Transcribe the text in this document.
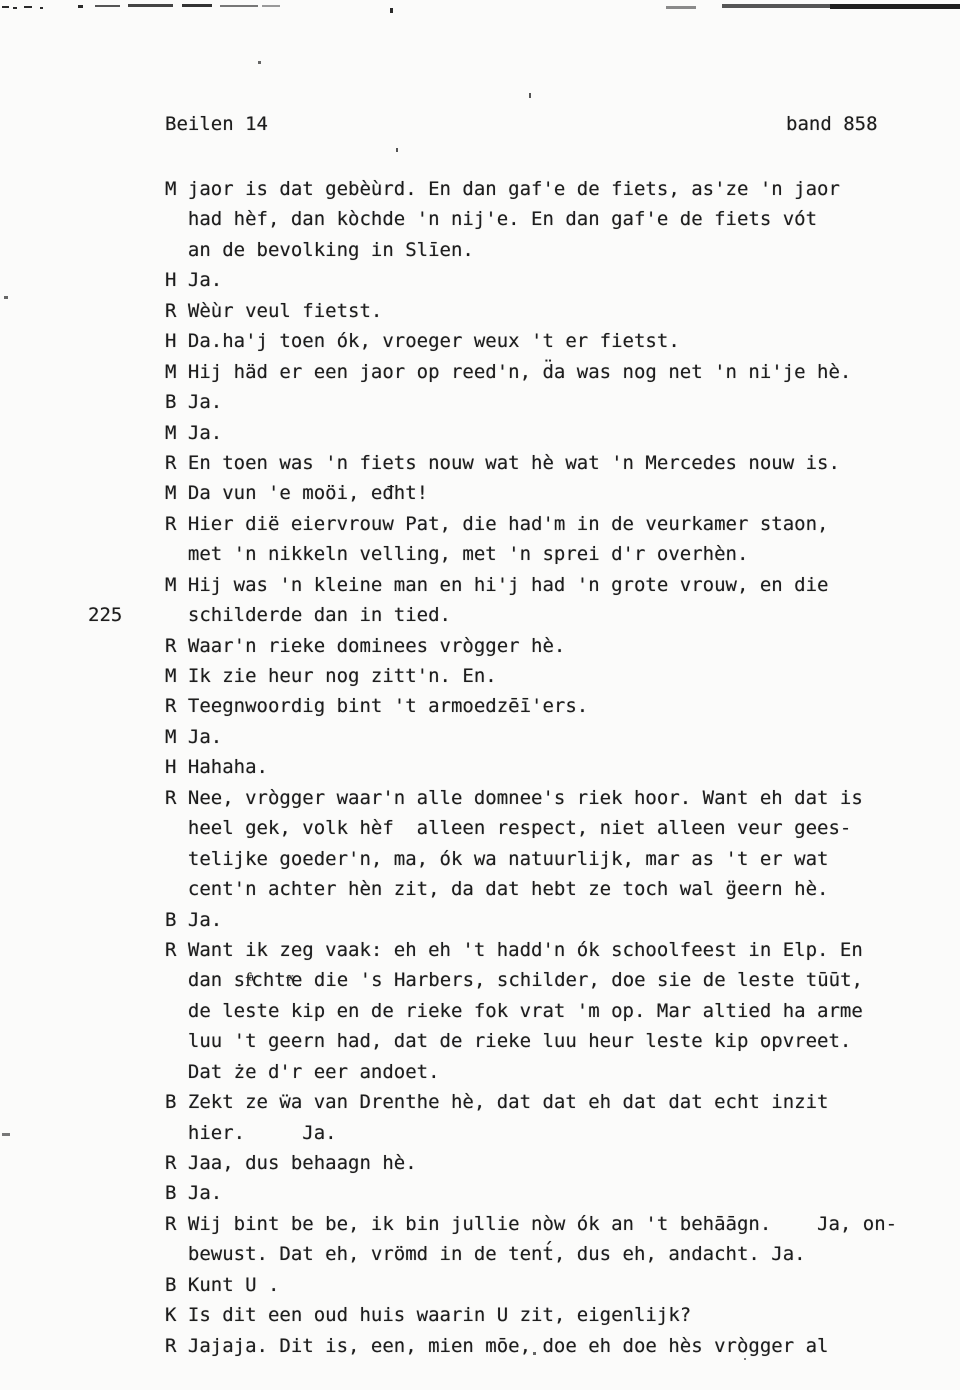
Beilen 14	band 858
225
M jaor is dat gebèùrd. En dan gaf'e de fiets, as'ze 'n jaor
had hèf, dan kòchde 'n nij'e. En dan gaf'e de fiets vót
an de bevolking in Slīen.
H Ja.
R Wèùr veul fietst.
H Da.ha'j toen ók, vroeger weux 't er fietst.
M Hij häd er een jaor op reed'n, d̈a was nog net 'n ni'je hè.
B Ja.
M Ja.
R En toen was 'n fiets nouw wat hè wat 'n Mercedes nouw is.
M Da vun 'e moöi, eđht!
R Hier dië eiervrouw Pat, die had'm in de veurkamer staon,
met 'n nikkeln velling, met 'n sprei d'r overhèn.
M Hij was 'n kleine man en hi'j had 'n grote vrouw, en die
schilderde dan in tied.
R Waar'n rieke dominees vrògger hè.
M Ik zie heur nog zitt'n. En.
R Teegnwoordig bint 't armoedzēī'ers.
M Ja.
H Hahaha.
R Nee, vrògger waar'n alle domnee's riek hoor. Want eh dat is
heel gek, volk hèf  alleen respect, niet alleen veur gees-
telijke goeder'n, ma, ók wa natuurlijk, mar as 't er wat
cent'n achter hèn zit, da dat hebt ze toch wal g̈eern hè.
B Ja.
R Want ik zeg vaak: eh eh 't hadd'n ók schoolfeest in Elp. En
dan sfͣchttͯe die 's Harbers, schilder, doe sie de leste tūūt,
de leste kip en de rieke fok vrat 'm op. Mar altied ha arme
luu 't geern had, dat de rieke luu heur leste kip opvreet.
Dat że d'r eer andoet.
B Zekt ze ẅa van Drenthe hè, dat dat eh dat dat echt inzit
hier.     Ja.
R Jaa, dus behaagn hè.
B Ja.
R Wij bint be be, ik bin jullie nòw ók an 't behāāgn.    Ja, on-
bewust. Dat eh, vrömd in de tent́, dus eh, andacht. Ja.
B Kunt U .
K Is dit een oud huis waarin U zit, eigenlijk?
R Jajaja. Dit is, een, mien mōe, doe eh doe hès vrògger al
